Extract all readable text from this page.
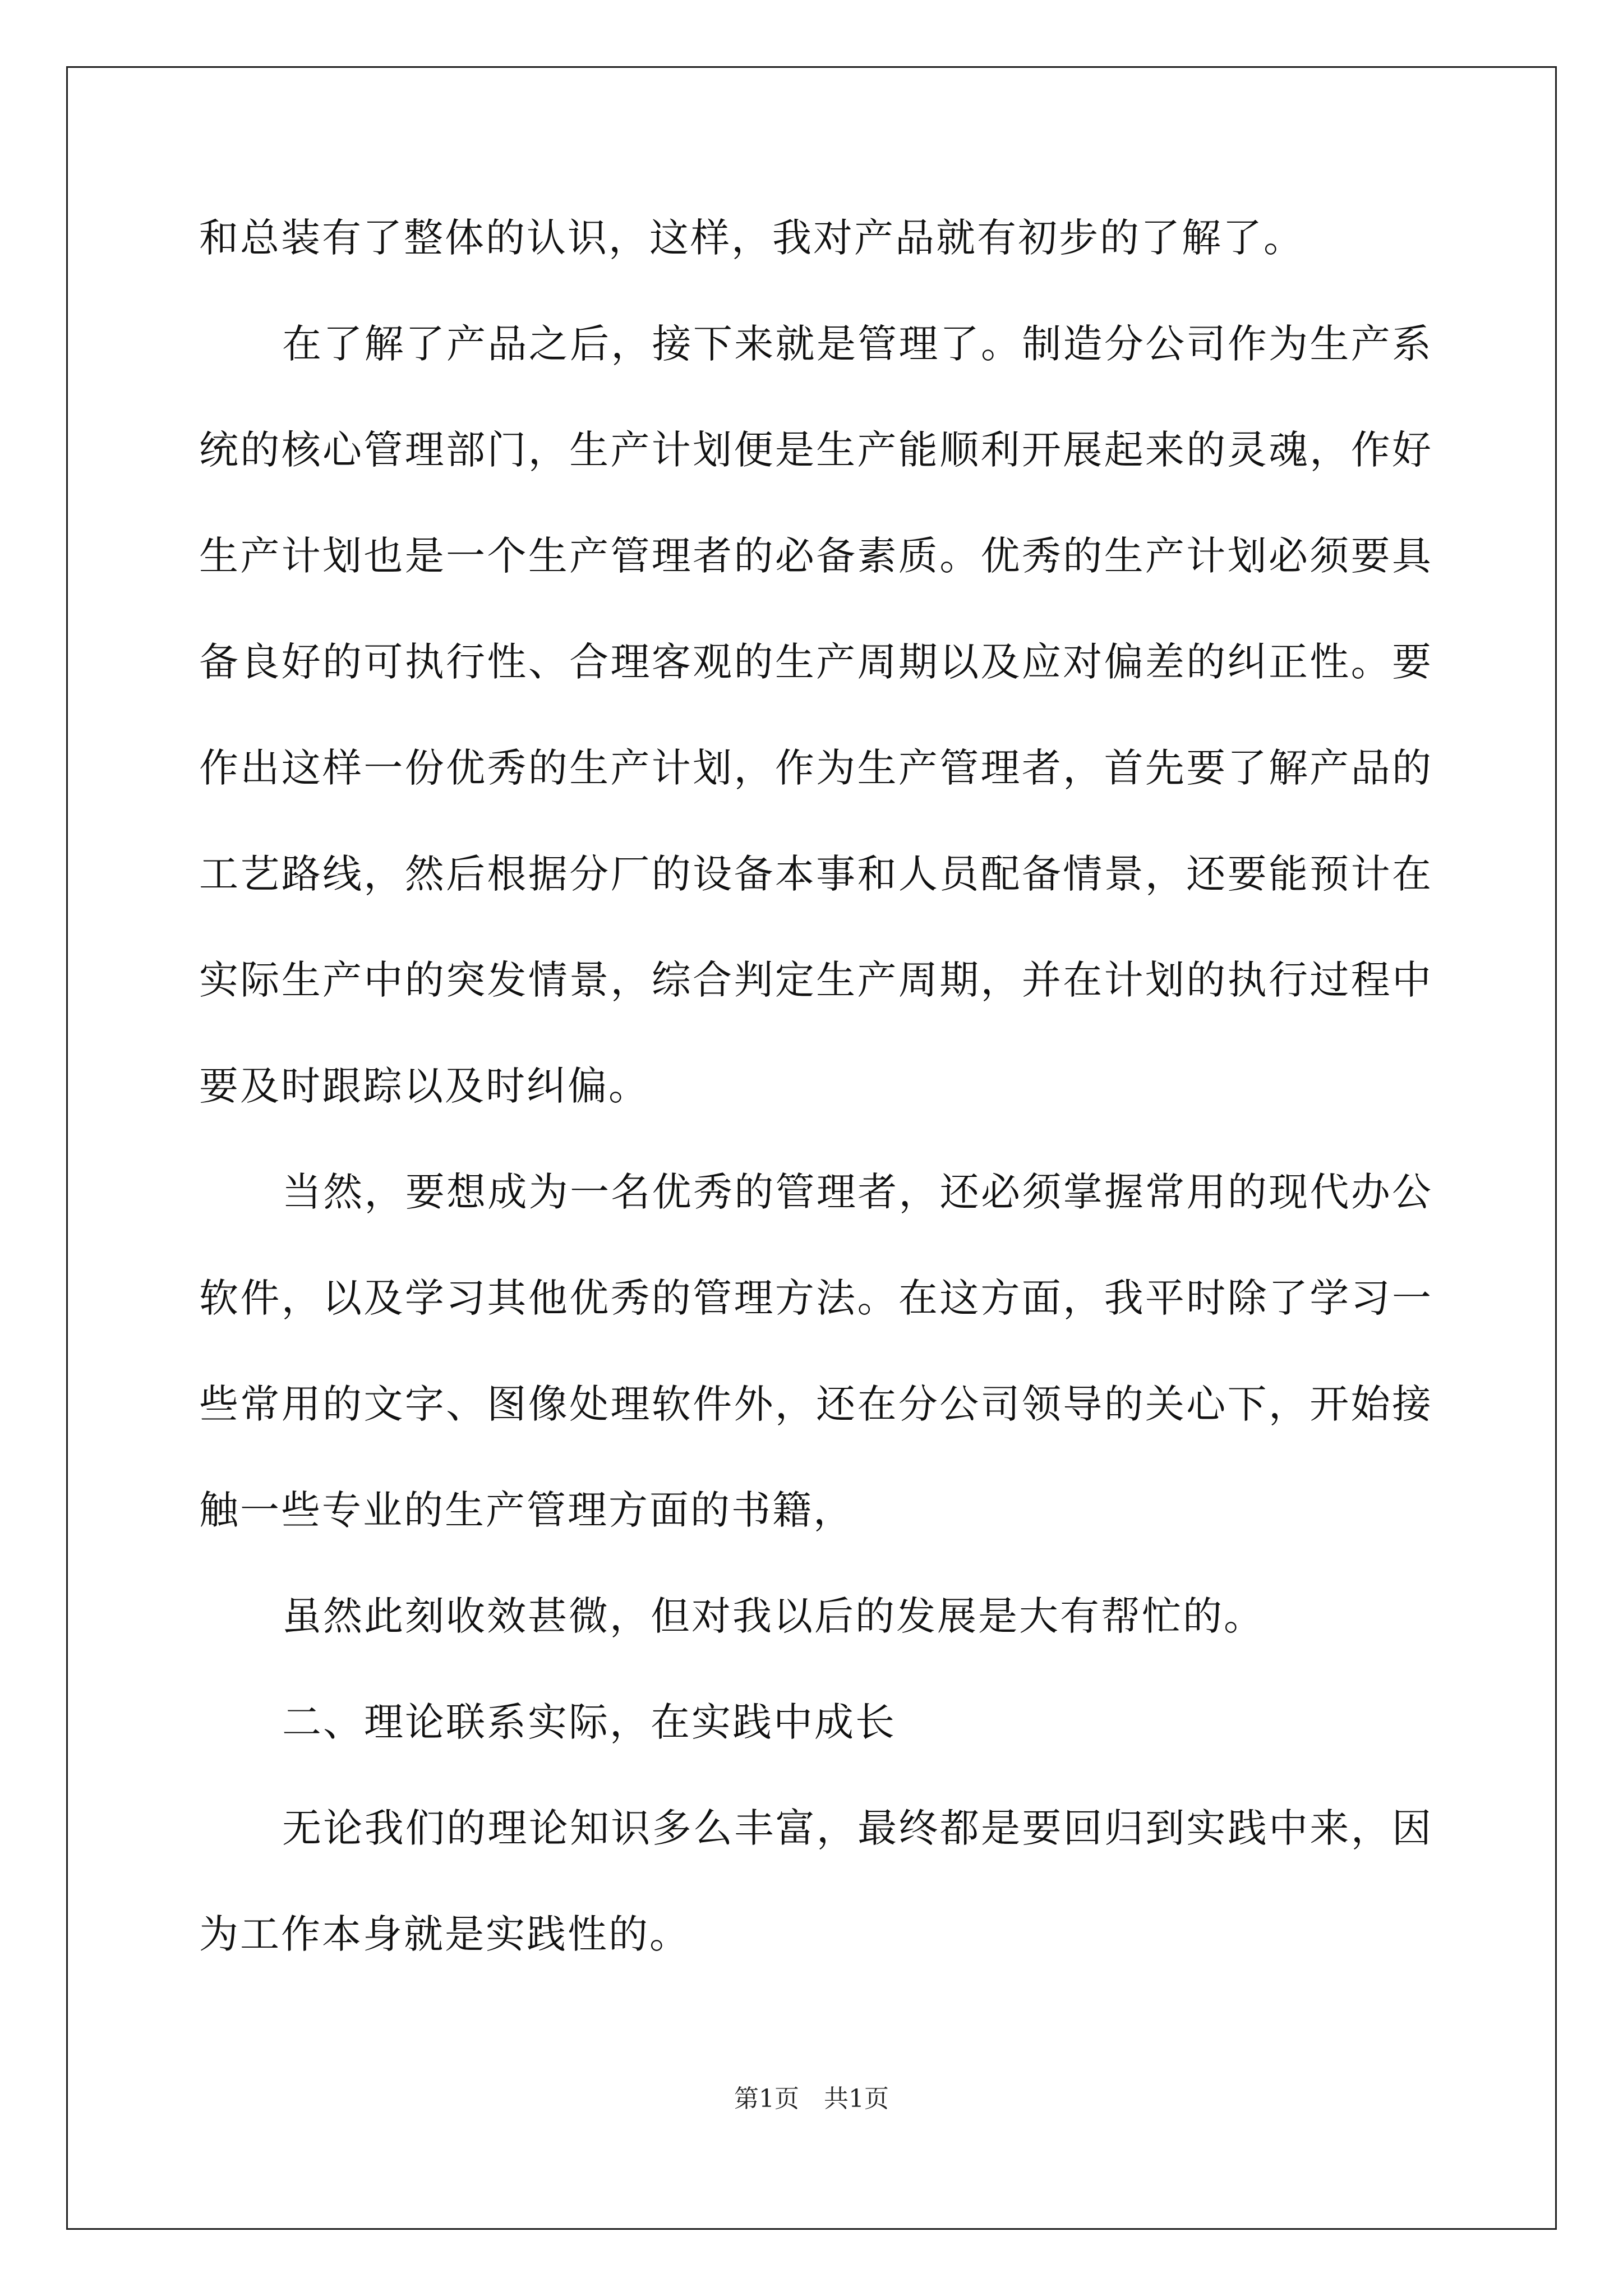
和总装有了整体的认识，这样，我对产品就有初步的了解了。

在了解了产品之后，接下来就是管理了。制造分公司作为生产系统的核心管理部门，生产计划便是生产能顺利开展起来的灵魂，作好生产计划也是一个生产管理者的必备素质。优秀的生产计划必须要具备良好的可执行性、合理客观的生产周期以及应对偏差的纠正性。要作出这样一份优秀的生产计划，作为生产管理者，首先要了解产品的工艺路线，然后根据分厂的设备本事和人员配备情景，还要能预计在实际生产中的突发情景，综合判定生产周期，并在计划的执行过程中要及时跟踪以及时纠偏。

当然，要想成为一名优秀的管理者，还必须掌握常用的现代办公软件，以及学习其他优秀的管理方法。在这方面，我平时除了学习一些常用的文字、图像处理软件外，还在分公司领导的关心下，开始接触一些专业的生产管理方面的书籍，

虽然此刻收效甚微，但对我以后的发展是大有帮忙的。

二、理论联系实际，在实践中成长

无论我们的理论知识多么丰富，最终都是要回归到实践中来，因为工作本身就是实践性的。

第1页　共1页
